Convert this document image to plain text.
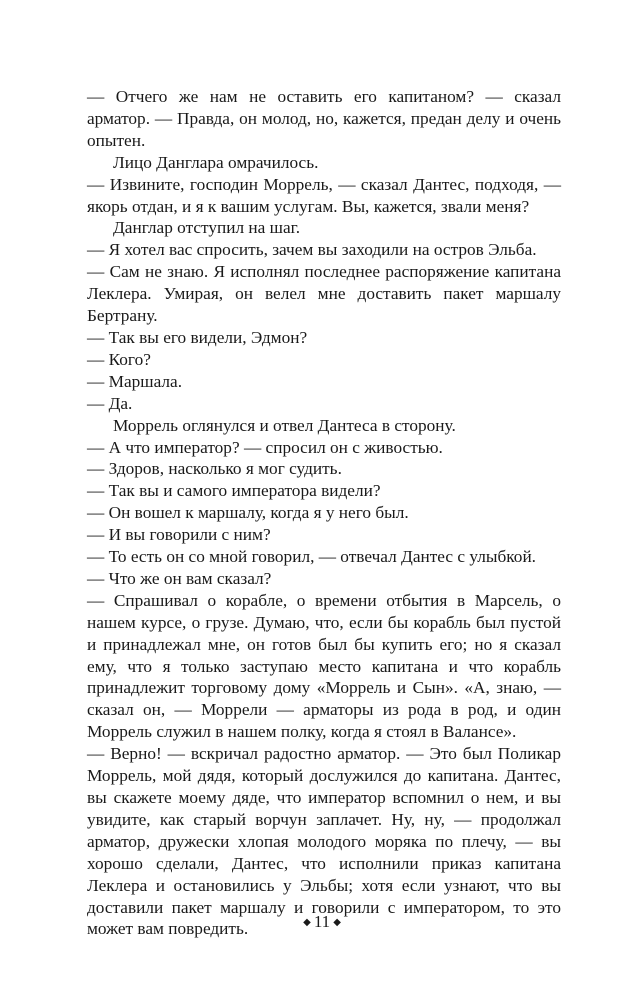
— Отчего же нам не оставить его капитаном? — сказал арматор. — Правда, он молод, но, кажется, предан делу и очень опытен.

Лицо Данглара омрачилось.

— Извините, господин Моррель, — сказал Дантес, подходя, — якорь отдан, и я к вашим услугам. Вы, кажется, звали меня?

Данглар отступил на шаг.

— Я хотел вас спросить, зачем вы заходили на остров Эльба.

— Сам не знаю. Я исполнял последнее распоряжение капитана Леклера. Умирая, он велел мне доставить пакет маршалу Бертрану.

— Так вы его видели, Эдмон?

— Кого?

— Маршала.

— Да.

Моррель оглянулся и отвел Дантеса в сторону.

— А что император? — спросил он с живостью.

— Здоров, насколько я мог судить.

— Так вы и самого императора видели?

— Он вошел к маршалу, когда я у него был.

— И вы говорили с ним?

— То есть он со мной говорил, — отвечал Дантес с улыбкой.

— Что же он вам сказал?

— Спрашивал о корабле, о времени отбытия в Марсель, о нашем курсе, о грузе. Думаю, что, если бы корабль был пустой и принадлежал мне, он готов был бы купить его; но я сказал ему, что я только заступаю место капитана и что корабль принадлежит торговому дому «Моррель и Сын». «А, знаю, — сказал он, — Моррели — арматоры из рода в род, и один Моррель служил в нашем полку, когда я стоял в Валансе».

— Верно! — вскричал радостно арматор. — Это был Поликар Моррель, мой дядя, который дослужился до капитана. Дантес, вы скажете моему дяде, что император вспомнил о нем, и вы увидите, как старый ворчун заплачет. Ну, ну, — продолжал арматор, дружески хлопая молодого моряка по плечу, — вы хорошо сделали, Дантес, что исполнили приказ капитана Леклера и остановились у Эльбы; хотя если узнают, что вы доставили пакет маршалу и говорили с императором, то это может вам повредить.	◆ 11 ◆
